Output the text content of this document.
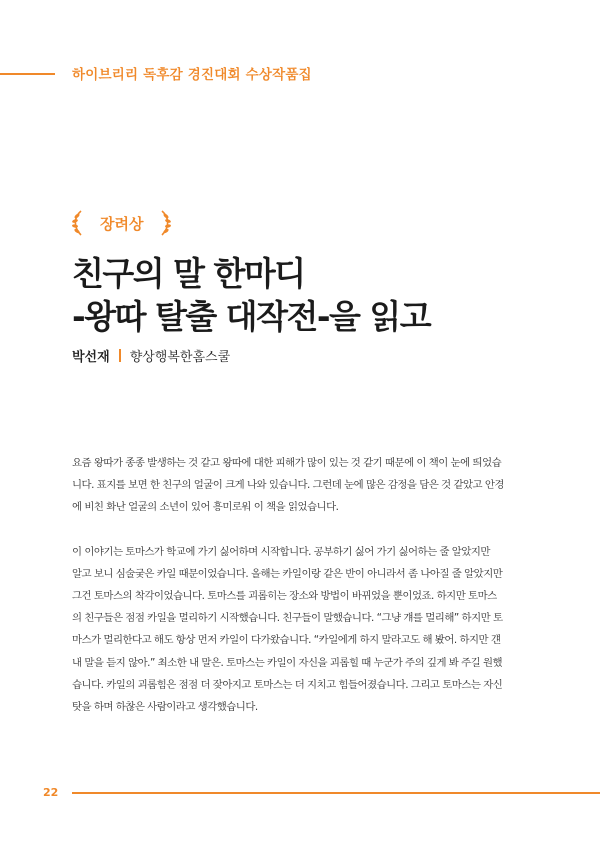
하이브리리 독후감 경진대회 수상작품집
장려상
친구의 말 한마디
-왕따 탈출 대작전-을 읽고
박선재 향상행복한홈스쿨

요즘 왕따가 종종 발생하는 것 같고 왕따에 대한 피해가 많이 있는 것 같기 때문에 이 책이 눈에 띄었습
니다. 표지를 보면 한 친구의 얼굴이 크게 나와 있습니다. 그런데 눈에 많은 감정을 담은 것 같았고 안경
에 비친 화난 얼굴의 소년이 있어 흥미로워 이 책을 읽었습니다.

이 이야기는 토마스가 학교에 가기 싫어하며 시작합니다. 공부하기 싫어 가기 싫어하는 줄 알았지만
알고 보니 심술궂은 카일 때문이었습니다. 올해는 카일이랑 같은 반이 아니라서 좀 나아질 줄 알았지만
그건 토마스의 착각이었습니다. 토마스를 괴롭히는 장소와 방법이 바뀌었을 뿐이었죠. 하지만 토마스
의 친구들은 점점 카일을 멀리하기 시작했습니다. 친구들이 말했습니다. “그냥 걔를 멀리해” 하지만 토
마스가 멀리한다고 해도 항상 먼저 카일이 다가왔습니다. “카일에게 하지 말라고도 해 봤어. 하지만 걘
내 말을 듣지 않아.” 최소한 내 말은. 토마스는 카일이 자신을 괴롭힐 때 누군가 주의 깊게 봐 주길 원했
습니다. 카일의 괴롭힘은 점점 더 잦아지고 토마스는 더 지치고 힘들어졌습니다. 그리고 토마스는 자신
탓을 하며 하찮은 사람이라고 생각했습니다.

22
